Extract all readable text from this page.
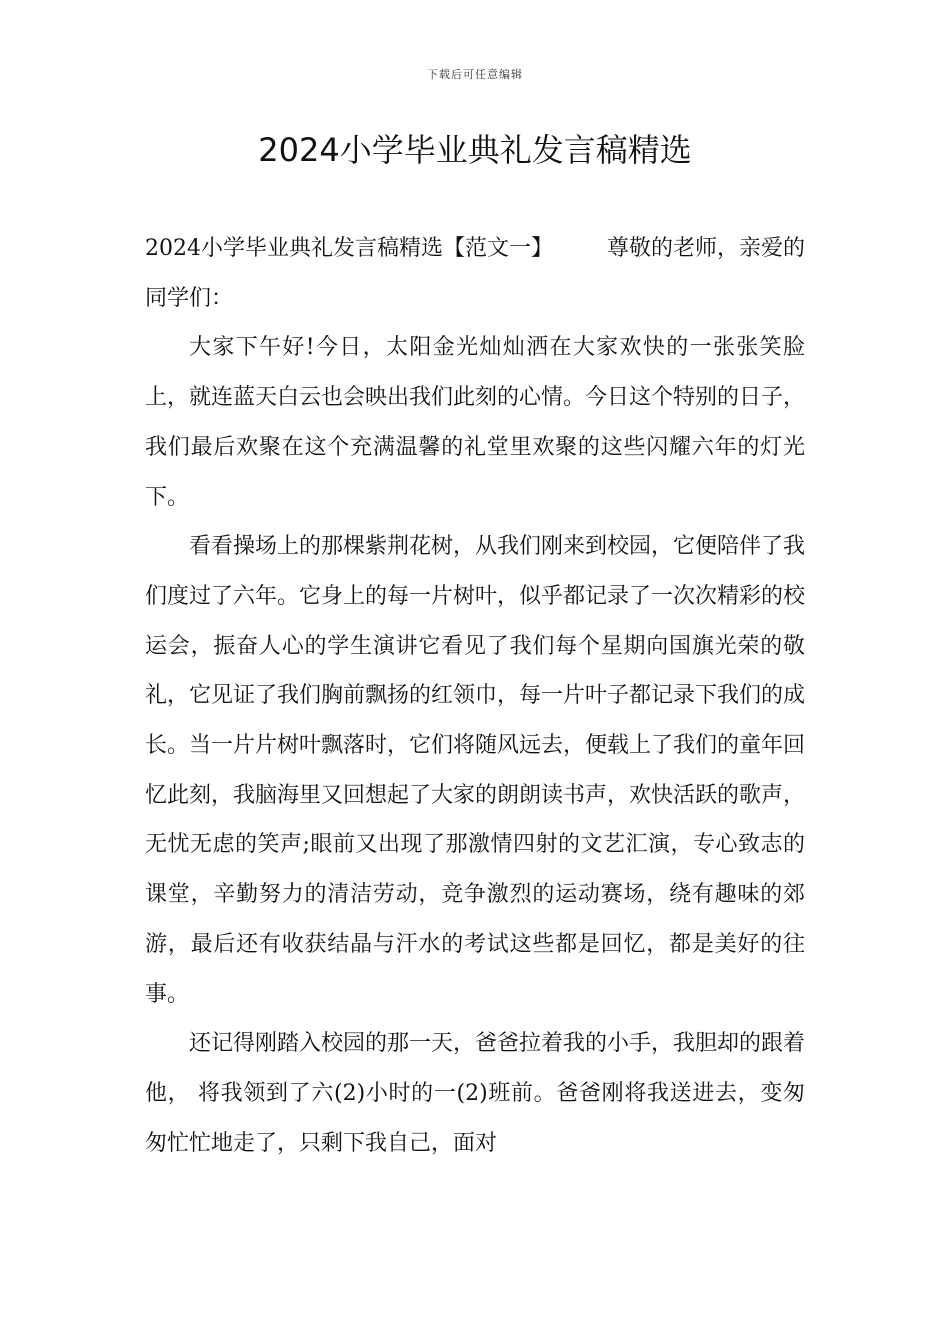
下载后可任意编辑
2024小学毕业典礼发言稿精选

2024小学毕业典礼发言稿精选【范文一】 尊敬的老师，亲爱的同学们：

大家下午好!今日，太阳金光灿灿洒在大家欢快的一张张笑脸上，就连蓝天白云也会映出我们此刻的心情。今日这个特别的日子，我们最后欢聚在这个充满温馨的礼堂里欢聚的这些闪耀六年的灯光下。

看看操场上的那棵紫荆花树，从我们刚来到校园，它便陪伴了我们度过了六年。它身上的每一片树叶，似乎都记录了一次次精彩的校运会，振奋人心的学生演讲它看见了我们每个星期向国旗光荣的敬礼，它见证了我们胸前飘扬的红领巾，每一片叶子都记录下我们的成长。当一片片树叶飘落时，它们将随风远去，便载上了我们的童年回忆此刻，我脑海里又回想起了大家的朗朗读书声，欢快活跃的歌声，无忧无虑的笑声;眼前又出现了那激情四射的文艺汇演，专心致志的课堂，辛勤努力的清洁劳动，竞争激烈的运动赛场，绕有趣味的郊游，最后还有收获结晶与汗水的考试这些都是回忆，都是美好的往事。

还记得刚踏入校园的那一天，爸爸拉着我的小手，我胆却的跟着他， 将我领到了六(2)小时的一(2)班前。爸爸刚将我送进去，变匆匆忙忙地走了，只剩下我自己，面对
